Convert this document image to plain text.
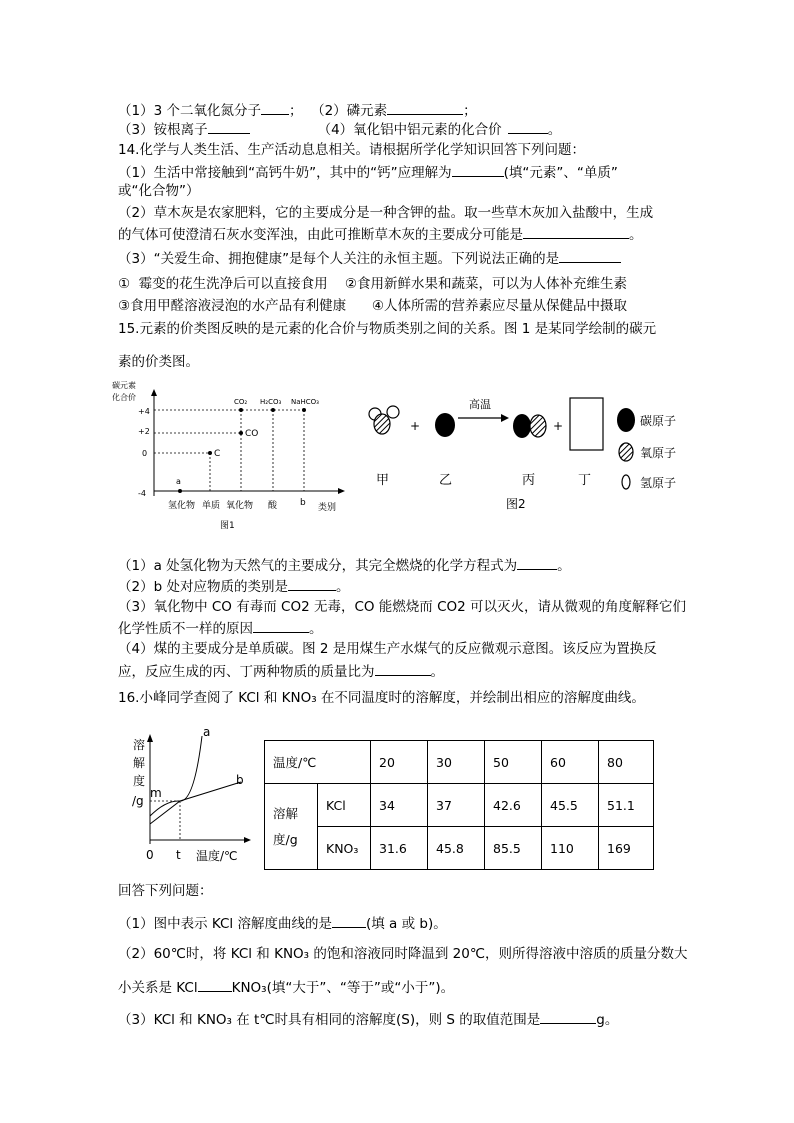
（1）3 个二氧化氮分子 ；  （2）磷元素	；
（3）铵根离子	（4）氧化铝中铝元素的化合价	。
14.化学与人类生活、生产活动息息相关。请根据所学化学知识回答下列问题：
（1）生活中常接触到“高钙牛奶”，其中的“钙”应理解为	(填“元素”、“单质”
或“化合物”）
（2）草木灰是农家肥料，它的主要成分是一种含钾的盐。取一些草木灰加入盐酸中，生成
的气体可使澄清石灰水变浑浊，由此可推断草木灰的主要成分可能是	。
（3）“关爱生命、拥抱健康”是每个人关注的永恒主题。下列说法正确的是
①  霉变的花生洗净后可以直接食用    ②食用新鲜水果和蔬菜，可以为人体补充维生素
③食用甲醛溶液浸泡的水产品有利健康      ④人体所需的营养素应尽量从保健品中摄取
15.元素的价类图反映的是元素的化合价与物质类别之间的关系。图 1 是某同学绘制的碳元
素的价类图。
碳元素
化合价
+4
+2
0
-4
CO₂ H₂CO₃ NaHCO₃
CO
C
a
氢化物 单质 氧化物 酸	b 类别
图1
+
高温
+	碳原子
氧原子
氢原子
甲	乙	丙	丁
图2
（1）a 处氢化物为天然气的主要成分，其完全燃烧的化学方程式为	。
（2）b 处对应物质的类别是	。
（3）氧化物中 CO 有毒而 CO2 无毒，CO 能燃烧而 CO2 可以灭火，请从微观的角度解释它们
化学性质不一样的原因	。
（4）煤的主要成分是单质碳。图 2 是用煤生产水煤气的反应微观示意图。该反应为置换反
应，反应生成的丙、丁两种物质的质量比为	。
16.小峰同学查阅了 KCl 和 KNO₃ 在不同温度时的溶解度，并绘制出相应的溶解度曲线。
溶
解
度
/g
m
a
b
0 t 温度/℃
温度/℃		20	30	50	60	80
溶解
度/g	KCl	34	37	42.6	45.5	51.1
	KNO₃	31.6	45.8	85.5	110	169
回答下列问题：
（1）图中表示 KCl 溶解度曲线的是	(填 a 或 b)。
（2）60℃时，将 KCl 和 KNO₃ 的饱和溶液同时降温到 20℃，则所得溶液中溶质的质量分数大
小关系是 KCl	KNO₃(填“大于”、“等于”或“小于”)。
（3）KCl 和 KNO₃ 在 t℃时具有相同的溶解度(S)，则 S 的取值范围是	g。
